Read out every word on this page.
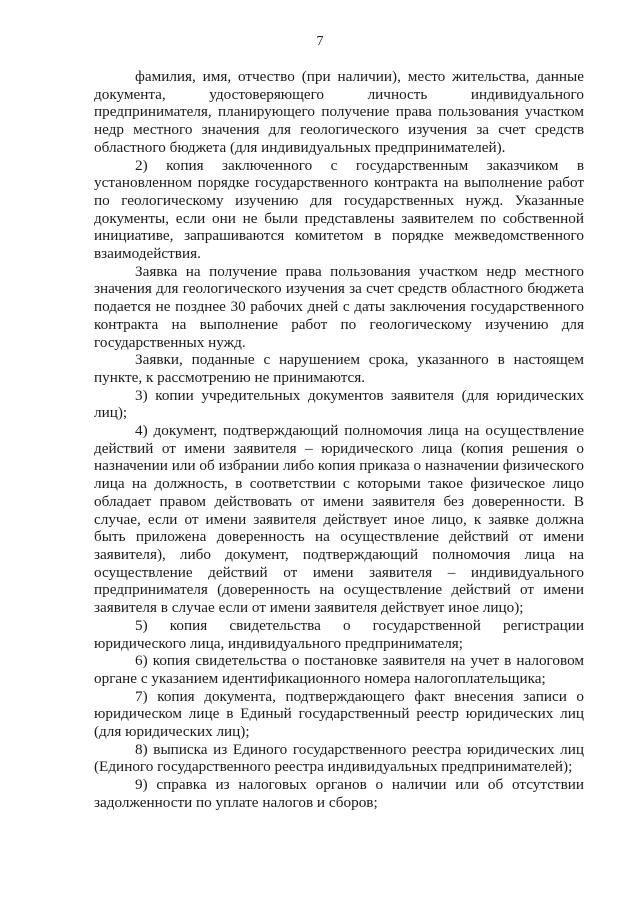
7

фамилия, имя, отчество (при наличии), место жительства, данные документа, удостоверяющего личность индивидуального предпринимателя, планирующего получение права пользования участком недр местного значения для геологического изучения за счет средств областного бюджета (для индивидуальных предпринимателей).

2) копия заключенного с государственным заказчиком в установленном порядке государственного контракта на выполнение работ по геологическому изучению для государственных нужд. Указанные документы, если они не были представлены заявителем по собственной инициативе, запрашиваются комитетом в порядке межведомственного взаимодействия.

Заявка на получение права пользования участком недр местного значения для геологического изучения за счет средств областного бюджета подается не позднее 30 рабочих дней с даты заключения государственного контракта на выполнение работ по геологическому изучению для государственных нужд.

Заявки, поданные с нарушением срока, указанного в настоящем пункте, к рассмотрению не принимаются.

3) копии учредительных документов заявителя (для юридических лиц);

4) документ, подтверждающий полномочия лица на осуществление действий от имени заявителя – юридического лица (копия решения о назначении или об избрании либо копия приказа о назначении физического лица на должность, в соответствии с которыми такое физическое лицо обладает правом действовать от имени заявителя без доверенности. В случае, если от имени заявителя действует иное лицо, к заявке должна быть приложена доверенность на осуществление действий от имени заявителя), либо документ, подтверждающий полномочия лица на осуществление действий от имени заявителя – индивидуального предпринимателя (доверенность на осуществление действий от имени заявителя в случае если от имени заявителя действует иное лицо);

5) копия свидетельства о государственной регистрации юридического лица, индивидуального предпринимателя;

6) копия свидетельства о постановке заявителя на учет в налоговом органе с указанием идентификационного номера налогоплательщика;

7) копия документа, подтверждающего факт внесения записи о юридическом лице в Единый государственный реестр юридических лиц (для юридических лиц);

8) выписка из Единого государственного реестра юридических лиц (Единого государственного реестра индивидуальных предпринимателей);

9) справка из налоговых органов о наличии или об отсутствии задолженности по уплате налогов и сборов;
